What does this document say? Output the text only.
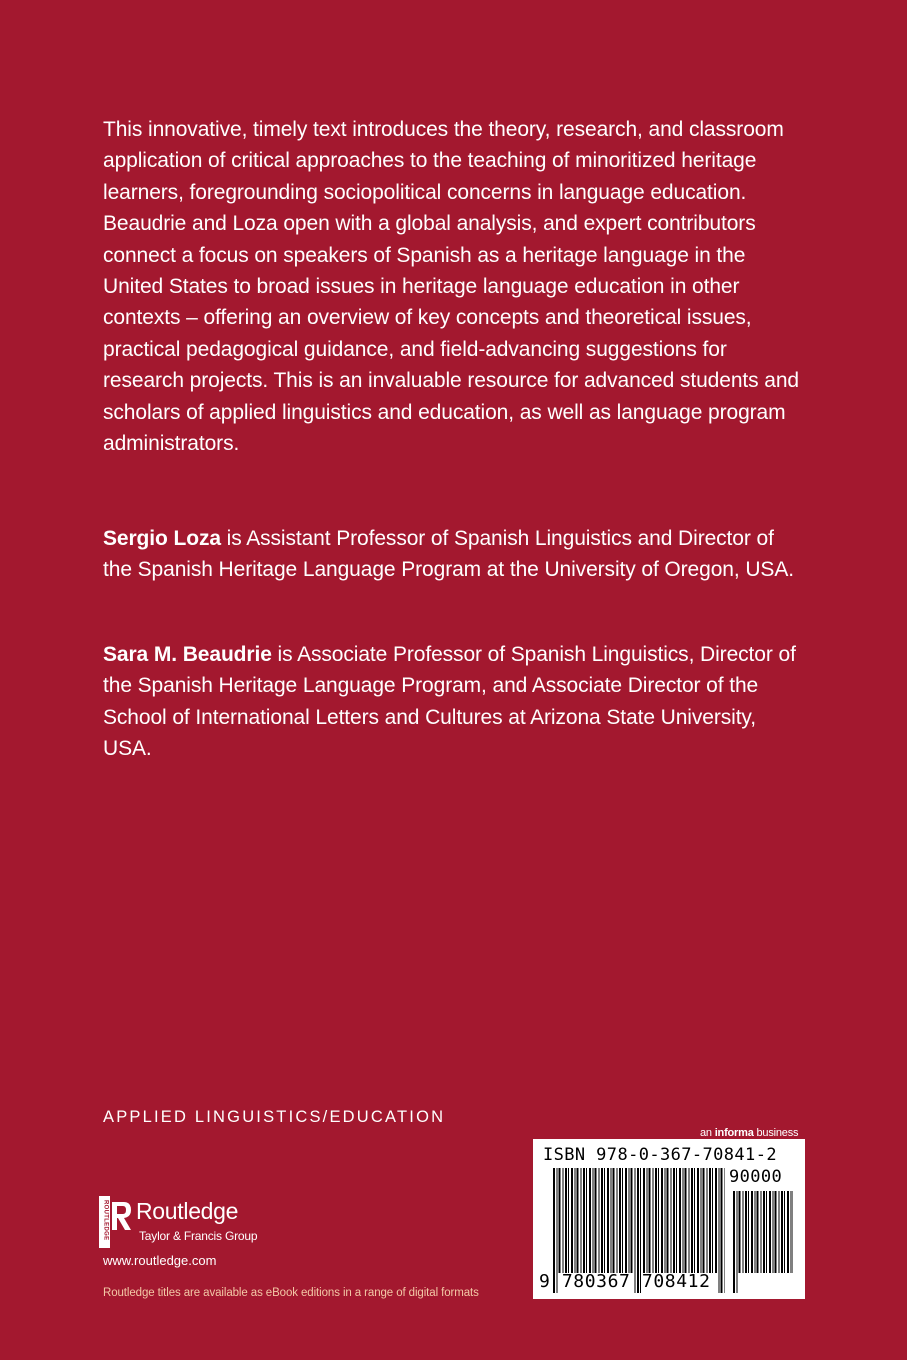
This innovative, timely text introduces the theory, research, and classroom application of critical approaches to the teaching of minoritized heritage learners, foregrounding sociopolitical concerns in language education. Beaudrie and Loza open with a global analysis, and expert contributors connect a focus on speakers of Spanish as a heritage language in the United States to broad issues in heritage language education in other contexts – offering an overview of key concepts and theoretical issues, practical pedagogical guidance, and field-advancing suggestions for research projects. This is an invaluable resource for advanced students and scholars of applied linguistics and education, as well as language program administrators.

Sergio Loza is Assistant Professor of Spanish Linguistics and Director of the Spanish Heritage Language Program at the University of Oregon, USA.

Sara M. Beaudrie is Associate Professor of Spanish Linguistics, Director of the Spanish Heritage Language Program, and Associate Director of the School of International Letters and Cultures at Arizona State University, USA.

APPLIED LINGUISTICS/EDUCATION

ROUTLEDGE Routledge
Taylor & Francis Group

www.routledge.com

Routledge titles are available as eBook editions in a range of digital formats

an informa business
ISBN 978-0-367-70841-2
90000
9 780367 708412
